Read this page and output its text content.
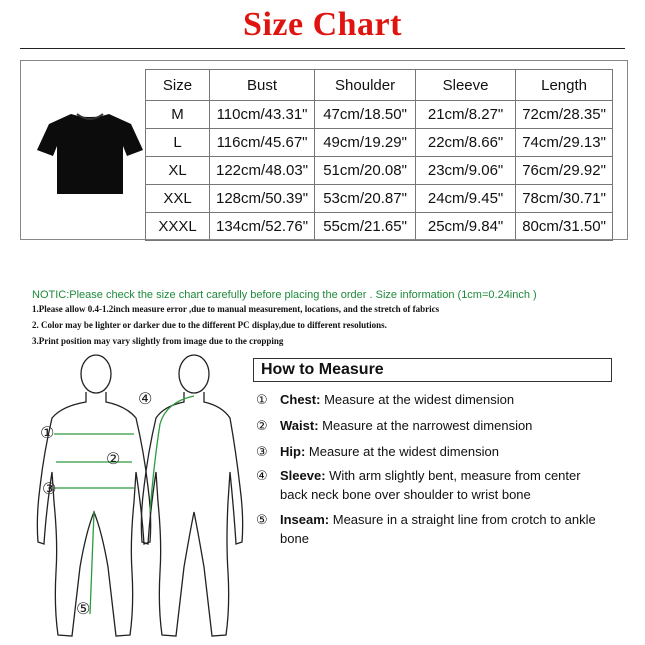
Size Chart
Size	Bust	Shoulder	Sleeve	Length
M	110cm/43.31"	47cm/18.50"	21cm/8.27"	72cm/28.35"
L	116cm/45.67"	49cm/19.29"	22cm/8.66"	74cm/29.13"
XL	122cm/48.03"	51cm/20.08"	23cm/9.06"	76cm/29.92"
XXL	128cm/50.39"	53cm/20.87"	24cm/9.45"	78cm/30.71"
XXXL	134cm/52.76"	55cm/21.65"	25cm/9.84"	80cm/31.50"
NOTIC:Please check the size chart carefully before placing the order . Size information (1cm=0.24inch )
1.Please allow 0.4-1.2inch measure error ,due to manual measurement, locations, and the stretch of fabrics
2. Color may be lighter or darker due to the different PC display,due to different resolutions.
3.Print position may vary slightly from image due to the cropping
①
②
③
④
⑤
How to Measure
① Chest: Measure at the widest dimension
② Waist: Measure at the narrowest dimension
③ Hip: Measure at the widest dimension
④ Sleeve: With arm slightly bent, measure from center back neck bone over shoulder to wrist bone
⑤ Inseam: Measure in a straight line from crotch to ankle bone
